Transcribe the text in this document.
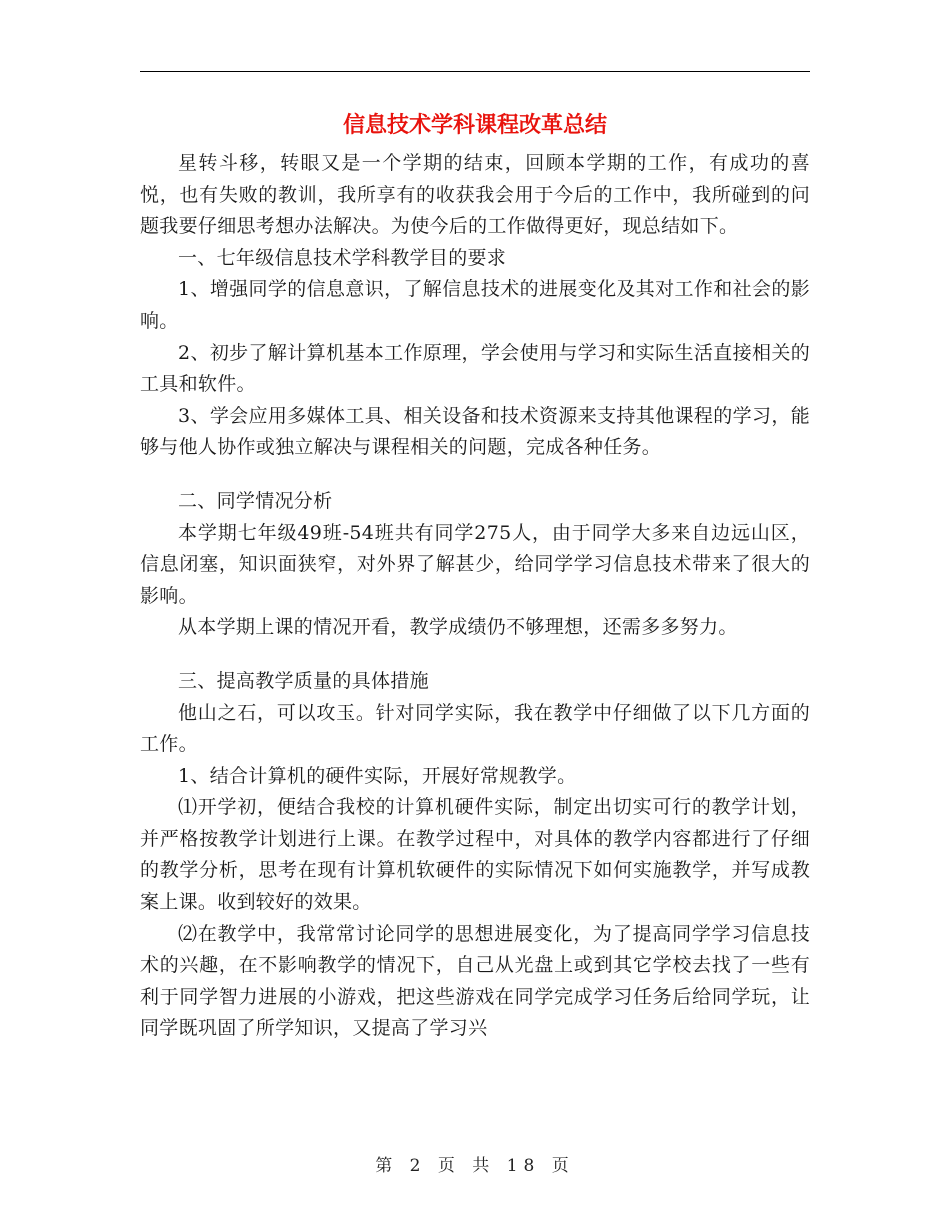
信息技术学科课程改革总结

星转斗移，转眼又是一个学期的结束，回顾本学期的工作，有成功的喜悦，也有失败的教训，我所享有的收获我会用于今后的工作中，我所碰到的问题我要仔细思考想办法解决。为使今后的工作做得更好，现总结如下。

一、七年级信息技术学科教学目的要求

1、增强同学的信息意识，了解信息技术的进展变化及其对工作和社会的影响。

2、初步了解计算机基本工作原理，学会使用与学习和实际生活直接相关的工具和软件。

3、学会应用多媒体工具、相关设备和技术资源来支持其他课程的学习，能够与他人协作或独立解决与课程相关的问题，完成各种任务。

二、同学情况分析

本学期七年级49班-54班共有同学275人，由于同学大多来自边远山区，信息闭塞，知识面狭窄，对外界了解甚少，给同学学习信息技术带来了很大的影响。

从本学期上课的情况开看，教学成绩仍不够理想，还需多多努力。

三、提高教学质量的具体措施

他山之石，可以攻玉。针对同学实际，我在教学中仔细做了以下几方面的工作。

1、结合计算机的硬件实际，开展好常规教学。

⑴开学初，便结合我校的计算机硬件实际，制定出切实可行的教学计划，并严格按教学计划进行上课。在教学过程中，对具体的教学内容都进行了仔细的教学分析，思考在现有计算机软硬件的实际情况下如何实施教学，并写成教案上课。收到较好的效果。

⑵在教学中，我常常讨论同学的思想进展变化，为了提高同学学习信息技术的兴趣，在不影响教学的情况下，自己从光盘上或到其它学校去找了一些有利于同学智力进展的小游戏，把这些游戏在同学完成学习任务后给同学玩，让同学既巩固了所学知识，又提高了学习兴

第 2 页 共 18 页
